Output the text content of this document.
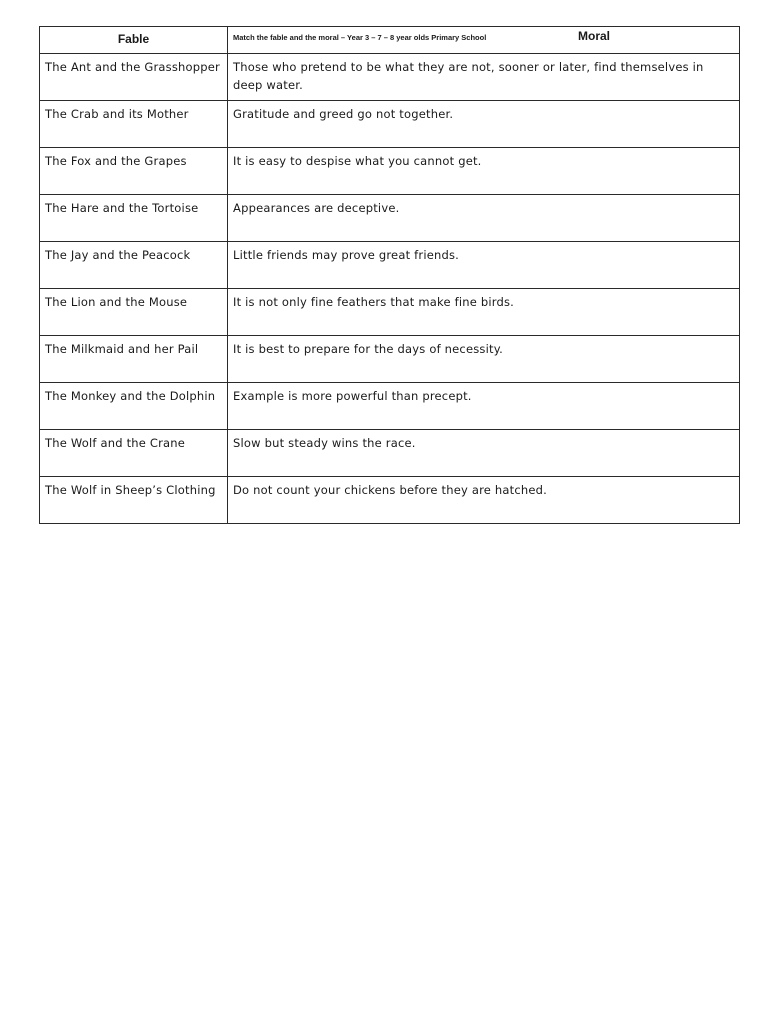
Fable	Match the fable and the moral – Year 3 – 7 – 8 year olds Primary School Moral

The Ant and the Grasshopper	Those who pretend to be what they are not, sooner or later, find themselves in deep water.

The Crab and its Mother	Gratitude and greed go not together.

The Fox and the Grapes	It is easy to despise what you cannot get.

The Hare and the Tortoise	Appearances are deceptive.

The Jay and the Peacock	Little friends may prove great friends.

The Lion and the Mouse	It is not only fine feathers that make fine birds.

The Milkmaid and her Pail	It is best to prepare for the days of necessity.

The Monkey and the Dolphin	Example is more powerful than precept.

The Wolf and the Crane	Slow but steady wins the race.

The Wolf in Sheep’s Clothing	Do not count your chickens before they are hatched.
